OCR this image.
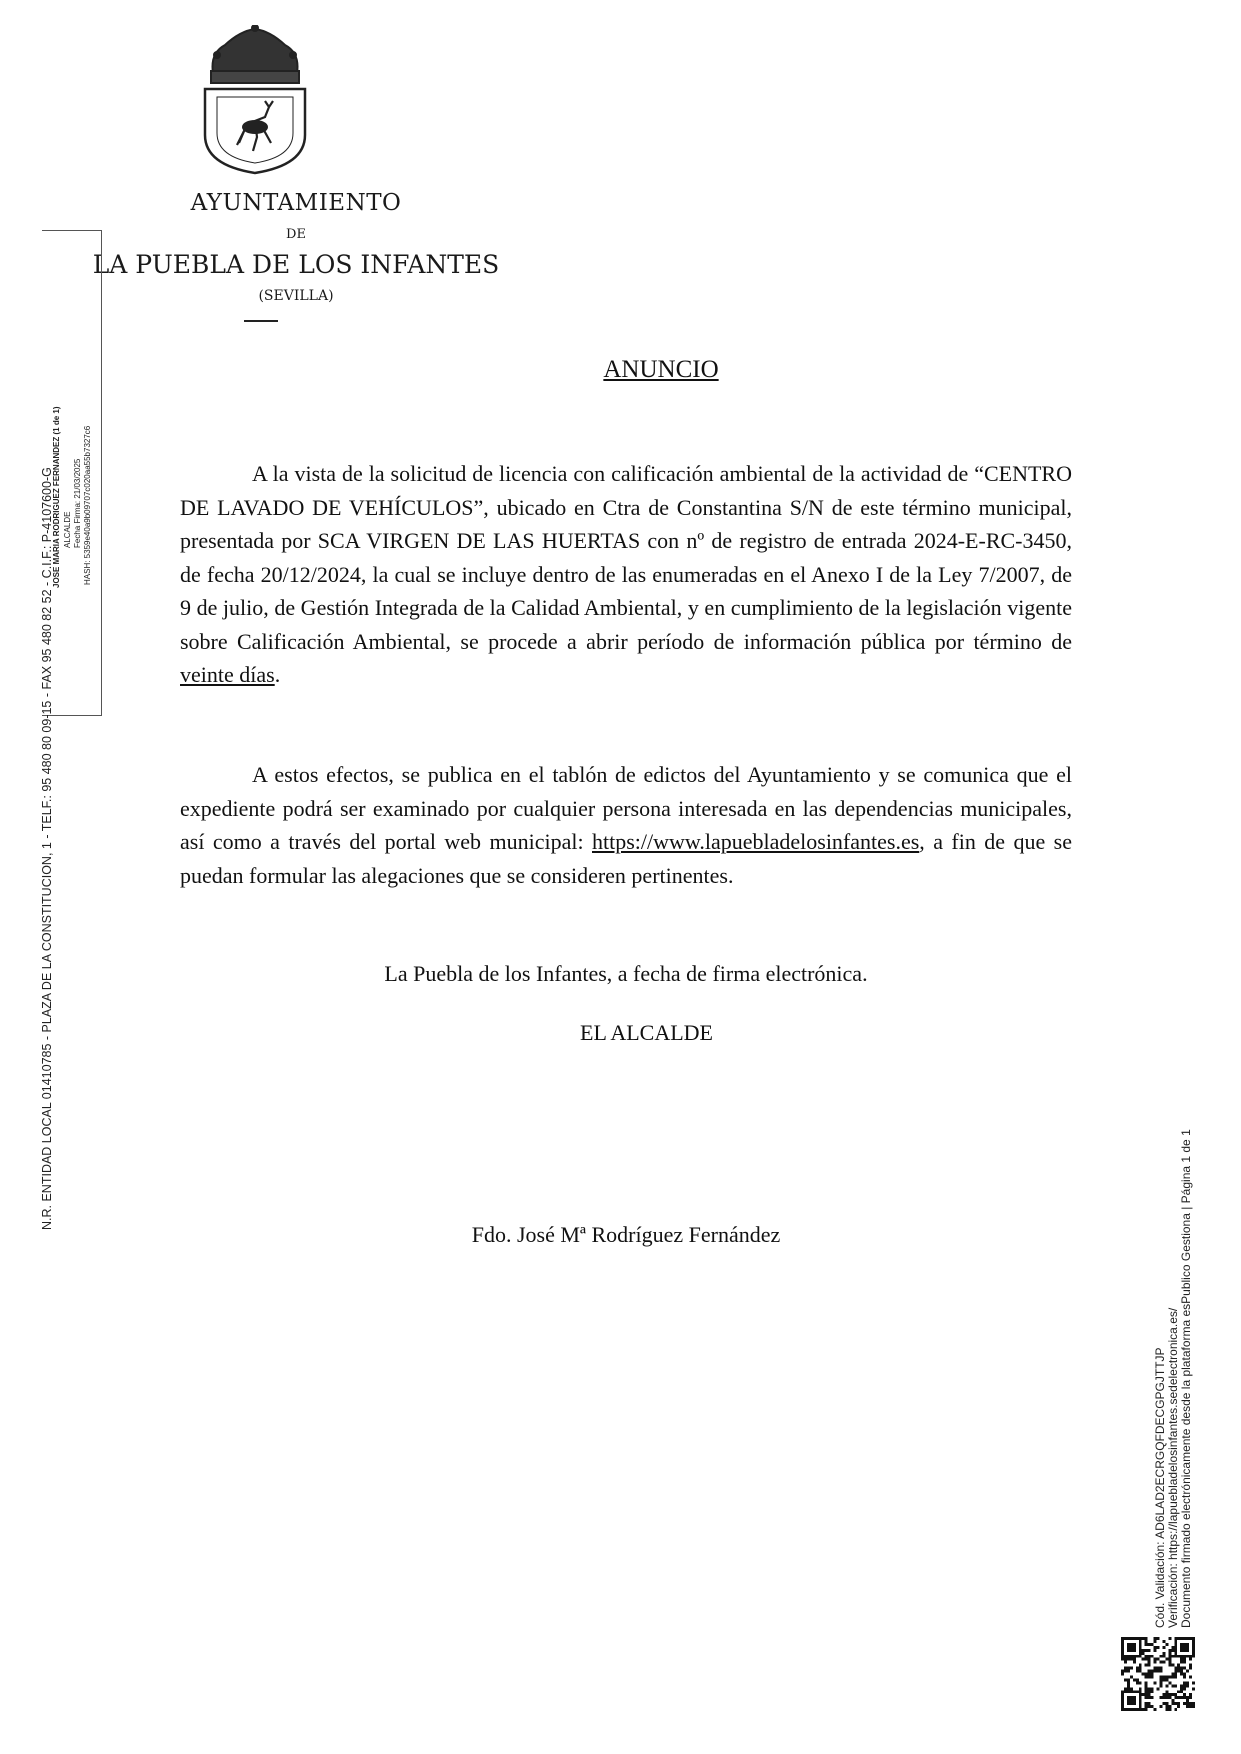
AYUNTAMIENTO
DE
LA PUEBLA DE LOS INFANTES
(SEVILLA)
ANUNCIO
A la vista de la solicitud de licencia con calificación ambiental de la actividad de “CENTRO DE LAVADO DE VEHÍCULOS”, ubicado en Ctra de Constantina S/N de este término municipal, presentada por SCA VIRGEN DE LAS HUERTAS con nº de registro de entrada 2024-E-RC-3450, de fecha 20/12/2024, la cual se incluye dentro de las enumeradas en el Anexo I de la Ley 7/2007, de 9 de julio, de Gestión Integrada de la Calidad Ambiental, y en cumplimiento de la legislación vigente sobre Calificación Ambiental, se procede a abrir período de información pública por término de veinte días.
A estos efectos, se publica en el tablón de edictos del Ayuntamiento y se comunica que el expediente podrá ser examinado por cualquier persona interesada en las dependencias municipales, así como a través del portal web municipal: https://www.lapuebladelosinfantes.es, a fin de que se puedan formular las alegaciones que se consideren pertinentes.
La Puebla de los Infantes, a fecha de firma electrónica.
EL ALCALDE
Fdo. José Mª Rodríguez Fernández
N.R. ENTIDAD LOCAL 01410785 - PLAZA DE LA CONSTITUCION, 1 - TELF.: 95 480 80 09-15 - FAX 95 480 82 52 - C.I.F.: P-4107600-G
JOSE MARIA RODRIGUEZ FERNANDEZ (1 de 1) ALCALDE Fecha Firma: 21/03/2025 HASH: 5359e40a9b09707c020aa55b7327c6
Cód. Validación: AD6LAD2ECRGQFDECGPGJTTJP Verificación: https://lapuebladelosinfantes.sedelectronica.es/ Documento firmado electrónicamente desde la plataforma esPublico Gestiona | Página 1 de 1
